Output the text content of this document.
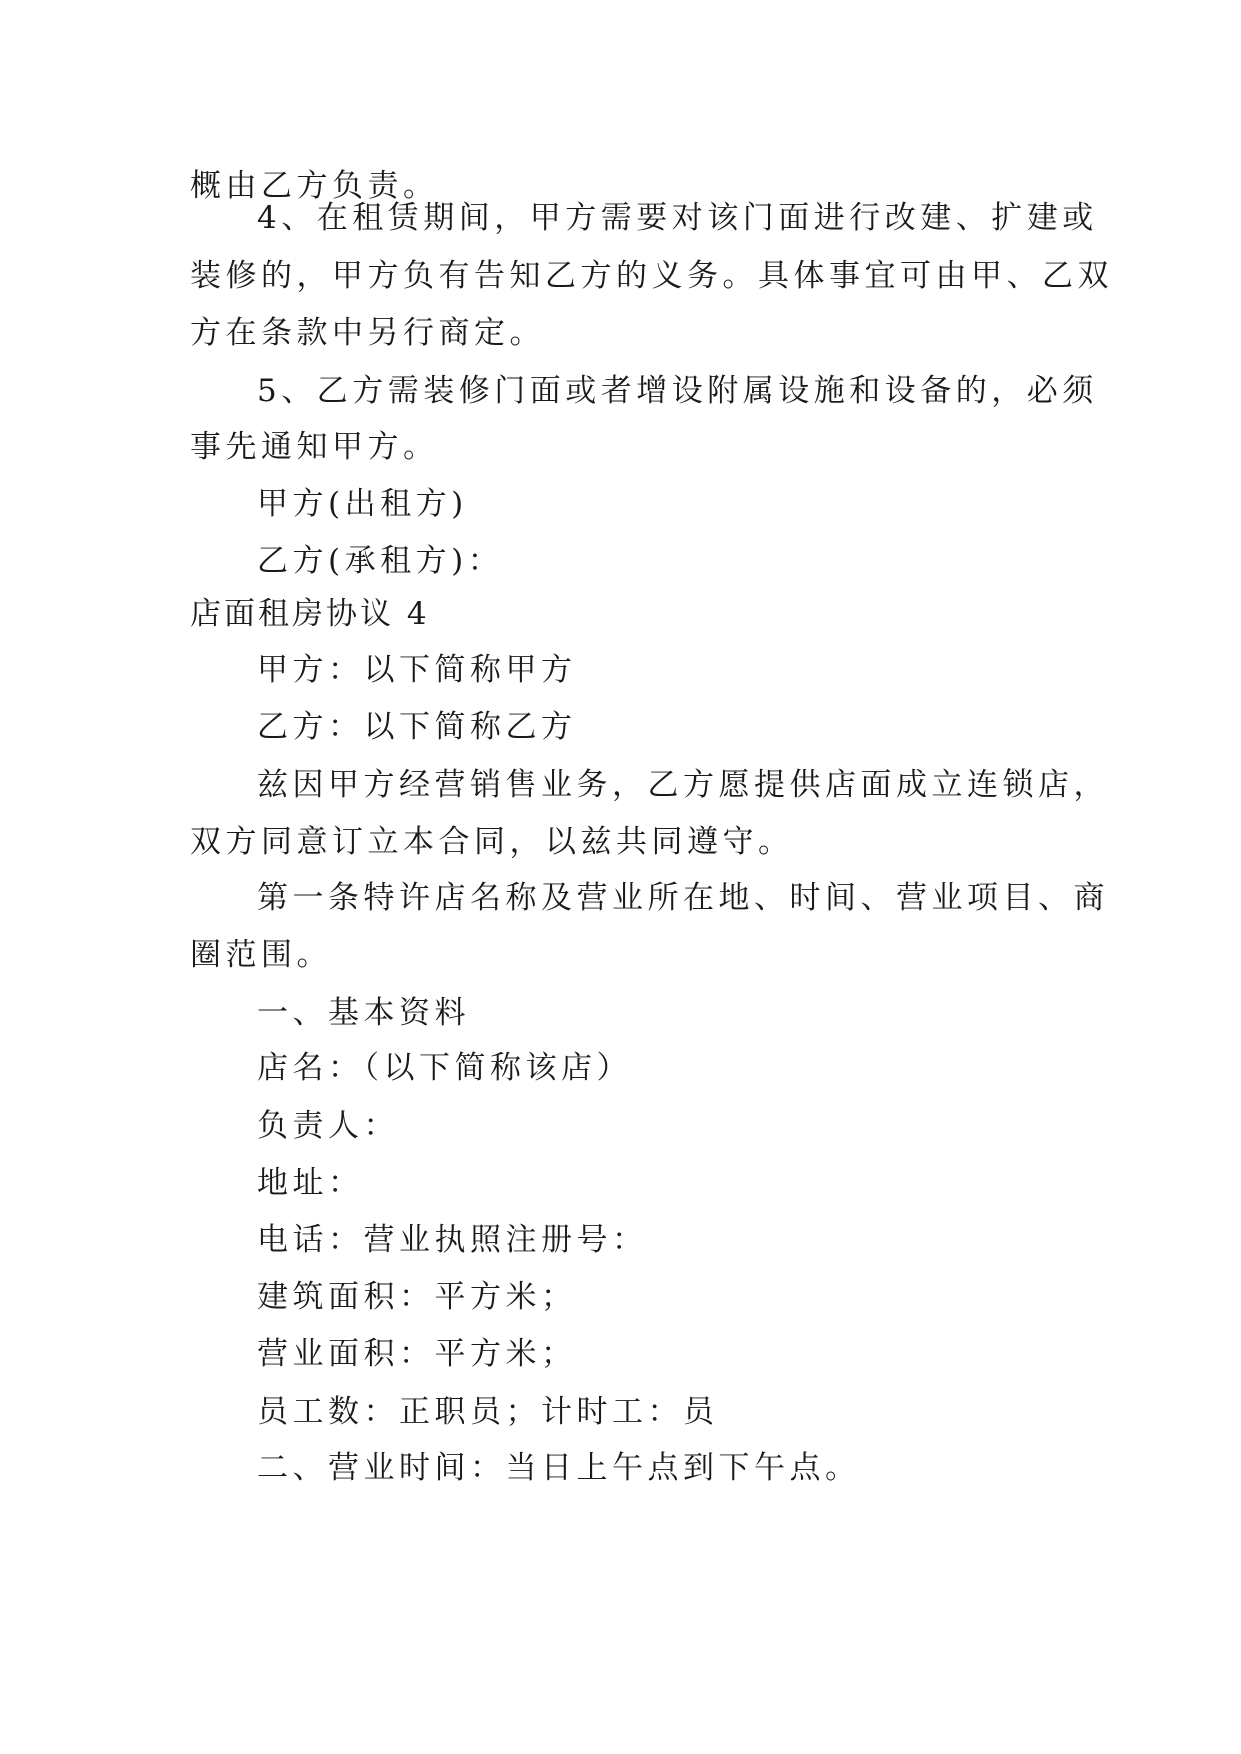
概由乙方负责。

4、在租赁期间，甲方需要对该门面进行改建、扩建或

装修的，甲方负有告知乙方的义务。具体事宜可由甲、乙双

方在条款中另行商定。

5、乙方需装修门面或者增设附属设施和设备的，必须

事先通知甲方。

甲方(出租方)

乙方(承租方)：

店面租房协议 4

甲方：以下简称甲方

乙方：以下简称乙方

兹因甲方经营销售业务，乙方愿提供店面成立连锁店，

双方同意订立本合同，以兹共同遵守。

第一条特许店名称及营业所在地、时间、营业项目、商

圈范围。

一、基本资料

店名：（以下简称该店）

负责人：

地址：

电话：营业执照注册号：

建筑面积：平方米；

营业面积：平方米；

员工数：正职员；计时工：员

二、营业时间：当日上午点到下午点。
